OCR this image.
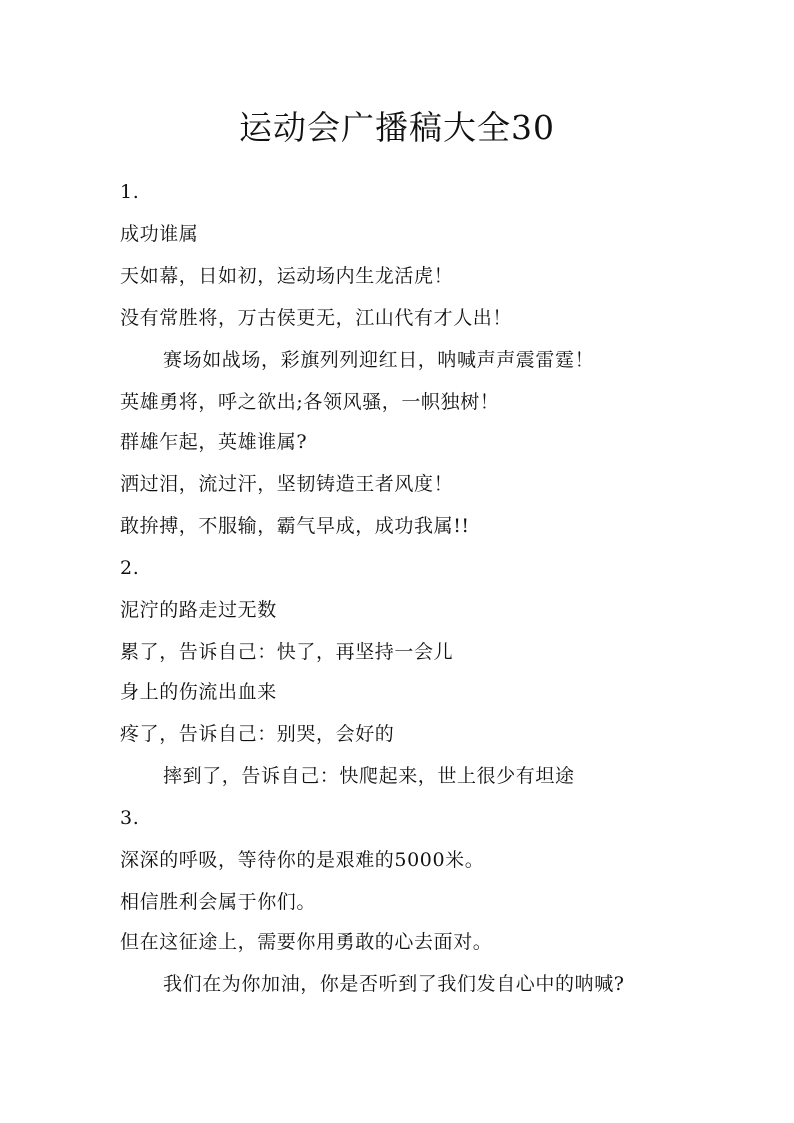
运动会广播稿大全30
1.
成功谁属
天如幕，日如初，运动场内生龙活虎！
没有常胜将，万古侯更无，江山代有才人出！
赛场如战场，彩旗列列迎红日，呐喊声声震雷霆！
英雄勇将，呼之欲出;各领风骚，一帜独树！
群雄乍起，英雄谁属?
洒过泪，流过汗，坚韧铸造王者风度！
敢拚搏，不服输，霸气早成，成功我属!!
2.
泥泞的路走过无数
累了，告诉自己：快了，再坚持一会儿
身上的伤流出血来
疼了，告诉自己：别哭，会好的
摔到了，告诉自己：快爬起来，世上很少有坦途
3.
深深的呼吸，等待你的是艰难的5000米。
相信胜利会属于你们。
但在这征途上，需要你用勇敢的心去面对。
我们在为你加油，你是否听到了我们发自心中的呐喊?
